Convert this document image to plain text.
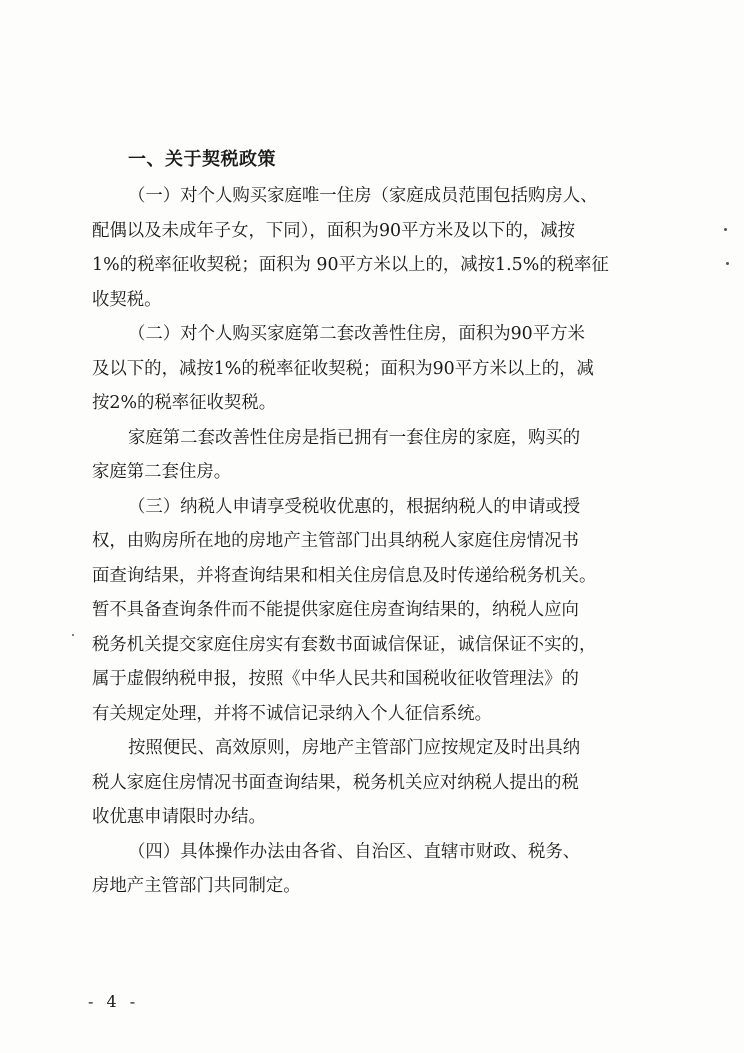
一、关于契税政策
（一）对个人购买家庭唯一住房（家庭成员范围包括购房人、
配偶以及未成年子女，下同），面积为90平方米及以下的，减按
1%的税率征收契税；面积为 90平方米以上的，减按1.5%的税率征
收契税。
（二）对个人购买家庭第二套改善性住房，面积为90平方米
及以下的，减按1%的税率征收契税；面积为90平方米以上的，减
按2%的税率征收契税。
家庭第二套改善性住房是指已拥有一套住房的家庭，购买的
家庭第二套住房。
（三）纳税人申请享受税收优惠的，根据纳税人的申请或授
权，由购房所在地的房地产主管部门出具纳税人家庭住房情况书
面查询结果，并将查询结果和相关住房信息及时传递给税务机关。
暂不具备查询条件而不能提供家庭住房查询结果的，纳税人应向
税务机关提交家庭住房实有套数书面诚信保证，诚信保证不实的，
属于虚假纳税申报，按照《中华人民共和国税收征收管理法》的
有关规定处理，并将不诚信记录纳入个人征信系统。
按照便民、高效原则，房地产主管部门应按规定及时出具纳
税人家庭住房情况书面查询结果，税务机关应对纳税人提出的税
收优惠申请限时办结。
（四）具体操作办法由各省、自治区、直辖市财政、税务、
房地产主管部门共同制定。
- 4 -
